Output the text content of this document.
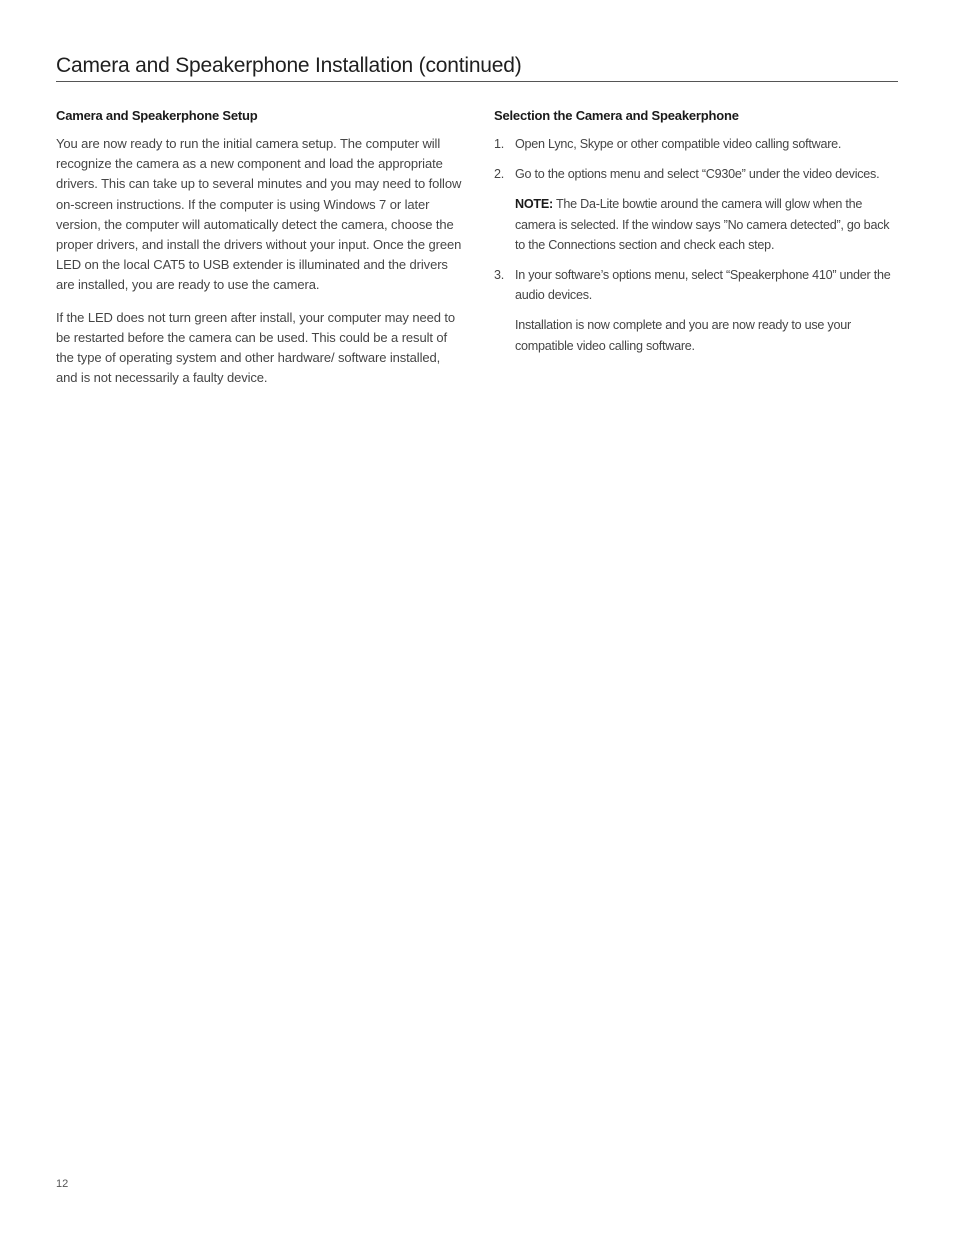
Camera and Speakerphone Installation (continued)
Camera and Speakerphone Setup

You are now ready to run the initial camera setup. The computer will recognize the camera as a new component and load the appropriate drivers. This can take up to several minutes and you may need to follow on-screen instructions. If the computer is using Windows 7 or later version, the computer will automatically detect the camera, choose the proper drivers, and install the drivers without your input. Once the green LED on the local CAT5 to USB extender is illuminated and the drivers are installed, you are ready to use the camera.

If the LED does not turn green after install, your computer may need to be restarted before the camera can be used. This could be a result of the type of operating system and other hardware/ software installed, and is not necessarily a faulty device.

Selection the Camera and Speakerphone
1. Open Lync, Skype or other compatible video calling software.
2. Go to the options menu and select “C930e” under the video devices.

NOTE: The Da-Lite bowtie around the camera will glow when the camera is selected. If the window says ”No camera detected”, go back to the Connections section and check each step.

3. In your software’s options menu, select “Speakerphone 410” under the audio devices.

Installation is now complete and you are now ready to use your compatible video calling software.

12
